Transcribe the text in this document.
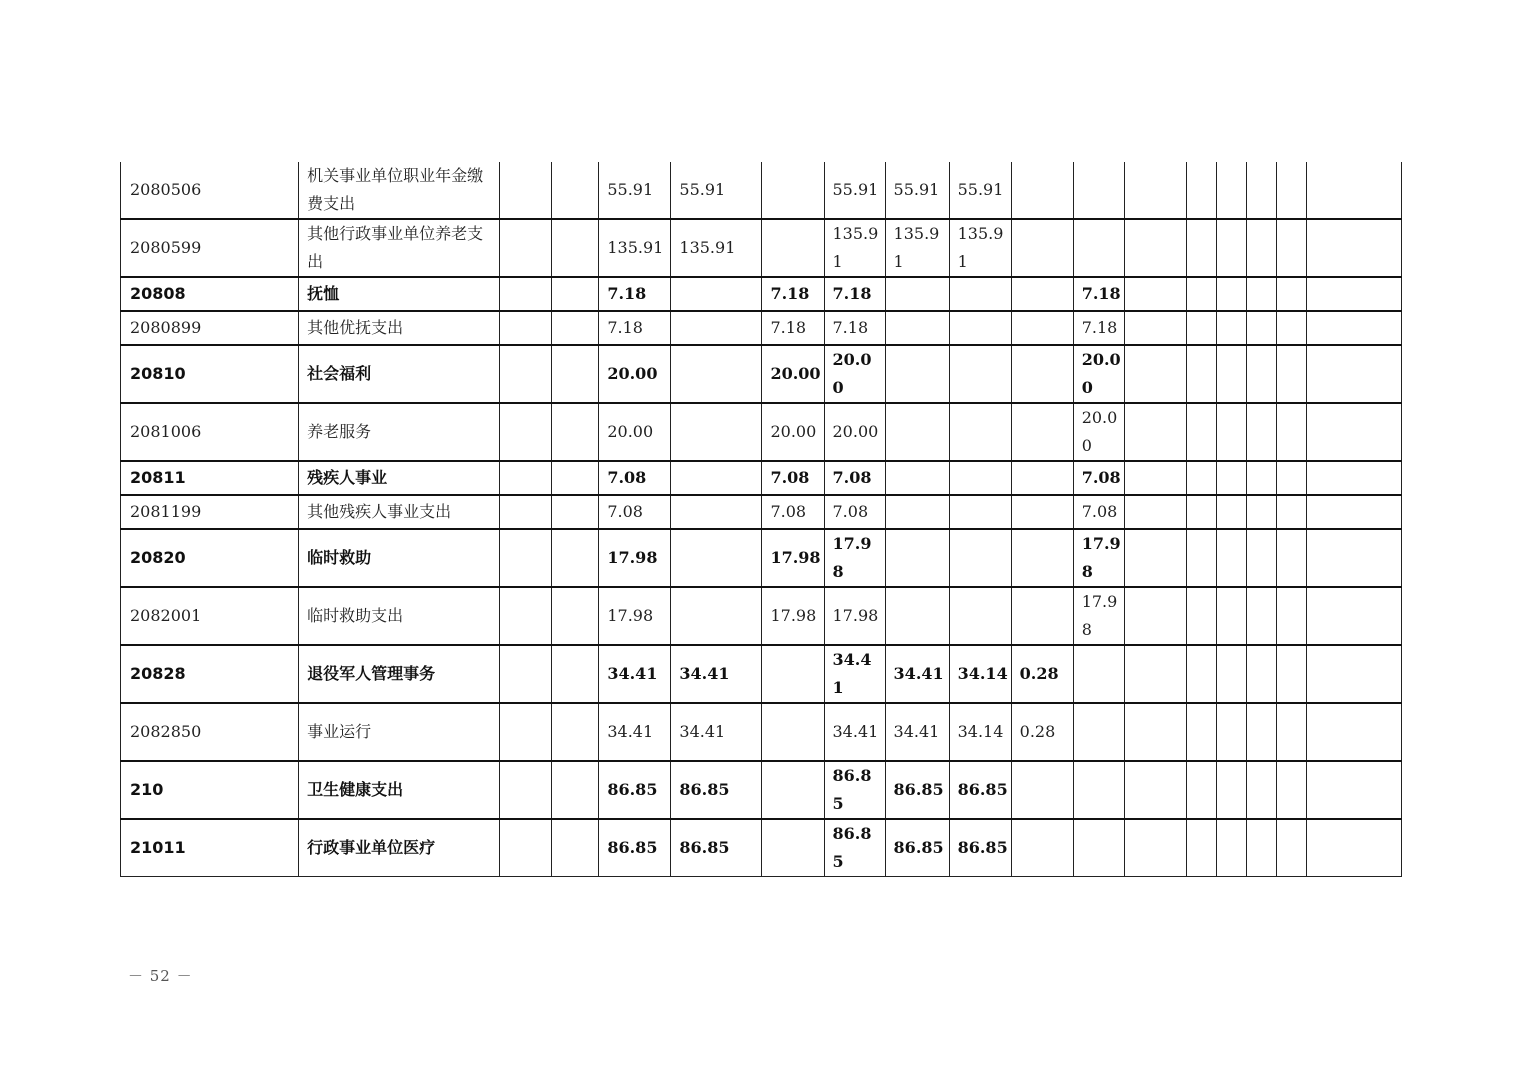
2080506	机关事业单位职业年金缴费支出			55.91	55.91		55.91	55.91	55.91								
2080599	其他行政事业单位养老支出			135.91	135.91		135.91	135.91	135.91								
20808	抚恤			7.18		7.18	7.18				7.18						
2080899	其他优抚支出			7.18		7.18	7.18				7.18						
20810	社会福利			20.00		20.00	20.00				20.00						
2081006	养老服务			20.00		20.00	20.00				20.00						
20811	残疾人事业			7.08		7.08	7.08				7.08						
2081199	其他残疾人事业支出			7.08		7.08	7.08				7.08						
20820	临时救助			17.98		17.98	17.98				17.98						
2082001	临时救助支出			17.98		17.98	17.98				17.98						
20828	退役军人管理事务			34.41	34.41		34.41	34.41	34.14	0.28							
2082850	事业运行			34.41	34.41		34.41	34.41	34.14	0.28							
210	卫生健康支出			86.85	86.85		86.85	86.85	86.85								
21011	行政事业单位医疗			86.85	86.85		86.85	86.85	86.85								
－ 52 －
